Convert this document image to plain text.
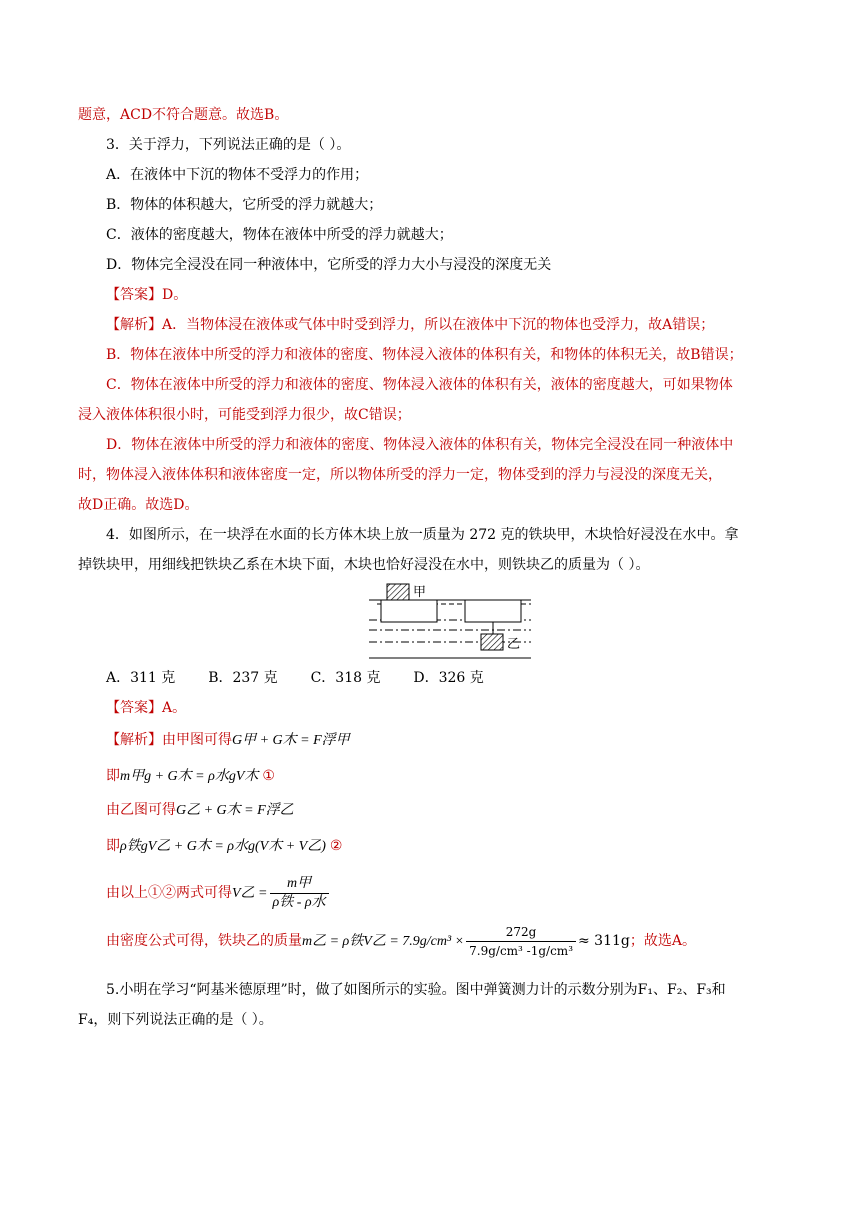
题意，ACD不符合题意。故选B。
3．关于浮力，下列说法正确的是（ ）。
A．在液体中下沉的物体不受浮力的作用；
B．物体的体积越大，它所受的浮力就越大；
C．液体的密度越大，物体在液体中所受的浮力就越大；
D．物体完全浸没在同一种液体中，它所受的浮力大小与浸没的深度无关
【答案】D。
【解析】A．当物体浸在液体或气体中时受到浮力，所以在液体中下沉的物体也受浮力，故A错误；
B．物体在液体中所受的浮力和液体的密度、物体浸入液体的体积有关，和物体的体积无关，故B错误；
C．物体在液体中所受的浮力和液体的密度、物体浸入液体的体积有关，液体的密度越大，可如果物体
浸入液体体积很小时，可能受到浮力很少，故C错误；
D．物体在液体中所受的浮力和液体的密度、物体浸入液体的体积有关，物体完全浸没在同一种液体中
时，物体浸入液体体积和液体密度一定，所以物体所受的浮力一定，物体受到的浮力与浸没的深度无关，
故D正确。故选D。
4．如图所示，在一块浮在水面的长方体木块上放一质量为 272 克的铁块甲，木块恰好浸没在水中。拿
掉铁块甲，用细线把铁块乙系在木块下面，木块也恰好浸没在水中，则铁块乙的质量为（ ）。
甲
乙
A．311 克 B．237 克 C．318 克 D．326 克
【答案】A。
【解析】由甲图可得G甲 + G木 = F浮甲
即m甲g + G木 = ρ水gV木 ①
由乙图可得G乙 + G木 = F浮乙
即ρ铁gV乙 + G木 = ρ水g(V木 + V乙) ②
由以上①②两式可得V乙 = $\frac{\text{m甲}}{\text{ρ铁 - ρ水}}$
由密度公式可得，铁块乙的质量m乙 = ρ铁V乙 = $7.9g/cm^3 \times \frac{272g}{\text{7.9g/cm³ -1g/cm³}} \approx 311g$；故选A。
5.小明在学习“阿基米德原理”时，做了如图所示的实验。图中弹簧测力计的示数分别为F₁、F₂、F₃和
F₄，则下列说法正确的是（ ）。
